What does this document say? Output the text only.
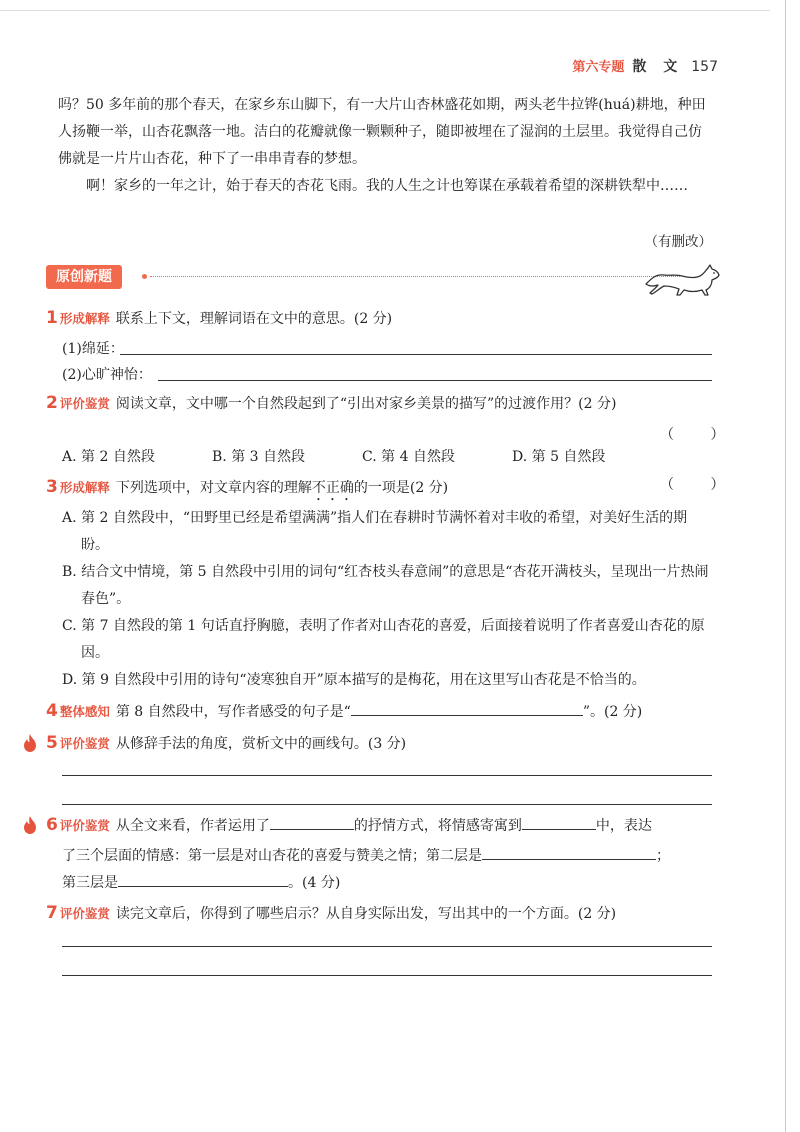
第六专题 散 文 157

吗？50 多年前的那个春天，在家乡东山脚下，有一大片山杏林盛花如期，两头老牛拉铧(huá)耕地，种田人扬鞭一举，山杏花飘落一地。洁白的花瓣就像一颗颗种子，随即被埋在了湿润的土层里。我觉得自己仿佛就是一片片山杏花，种下了一串串青春的梦想。

啊！家乡的一年之计，始于春天的杏花飞雨。我的人生之计也筹谋在承载着希望的深耕铁犁中……

（有删改）
原创新题
1 形成解释 联系上下文，理解词语在文中的意思。(2 分)
(1)绵延：
(2)心旷神怡：
2 评价鉴赏 阅读文章，文中哪一个自然段起到了“引出对家乡美景的描写”的过渡作用？(2 分)
（ ）
A. 第 2 自然段	B. 第 3 自然段	C. 第 4 自然段	D. 第 5 自然段
3 形成解释 下列选项中，对文章内容的理解不正确的一项是(2 分)	（ ）
A. 第 2 自然段中，“田野里已经是希望满满”指人们在春耕时节满怀着对丰收的希望，对美好生活的期盼。
B. 结合文中情境，第 5 自然段中引用的词句“红杏枝头春意闹”的意思是“杏花开满枝头，呈现出一片热闹春色”。
C. 第 7 自然段的第 1 句话直抒胸臆，表明了作者对山杏花的喜爱，后面接着说明了作者喜爱山杏花的原因。
D. 第 9 自然段中引用的诗句“凌寒独自开”原本描写的是梅花，用在这里写山杏花是不恰当的。
4 整体感知 第 8 自然段中，写作者感受的句子是“	”。(2 分)
5 评价鉴赏 从修辞手法的角度，赏析文中的画线句。(3 分)
6 评价鉴赏 从全文来看，作者运用了	的抒情方式，将情感寄寓到	中，表达
了三个层面的情感：第一层是对山杏花的喜爱与赞美之情；第二层是	；
第三层是	。(4 分)
7 评价鉴赏 读完文章后，你得到了哪些启示？从自身实际出发，写出其中的一个方面。(2 分)
